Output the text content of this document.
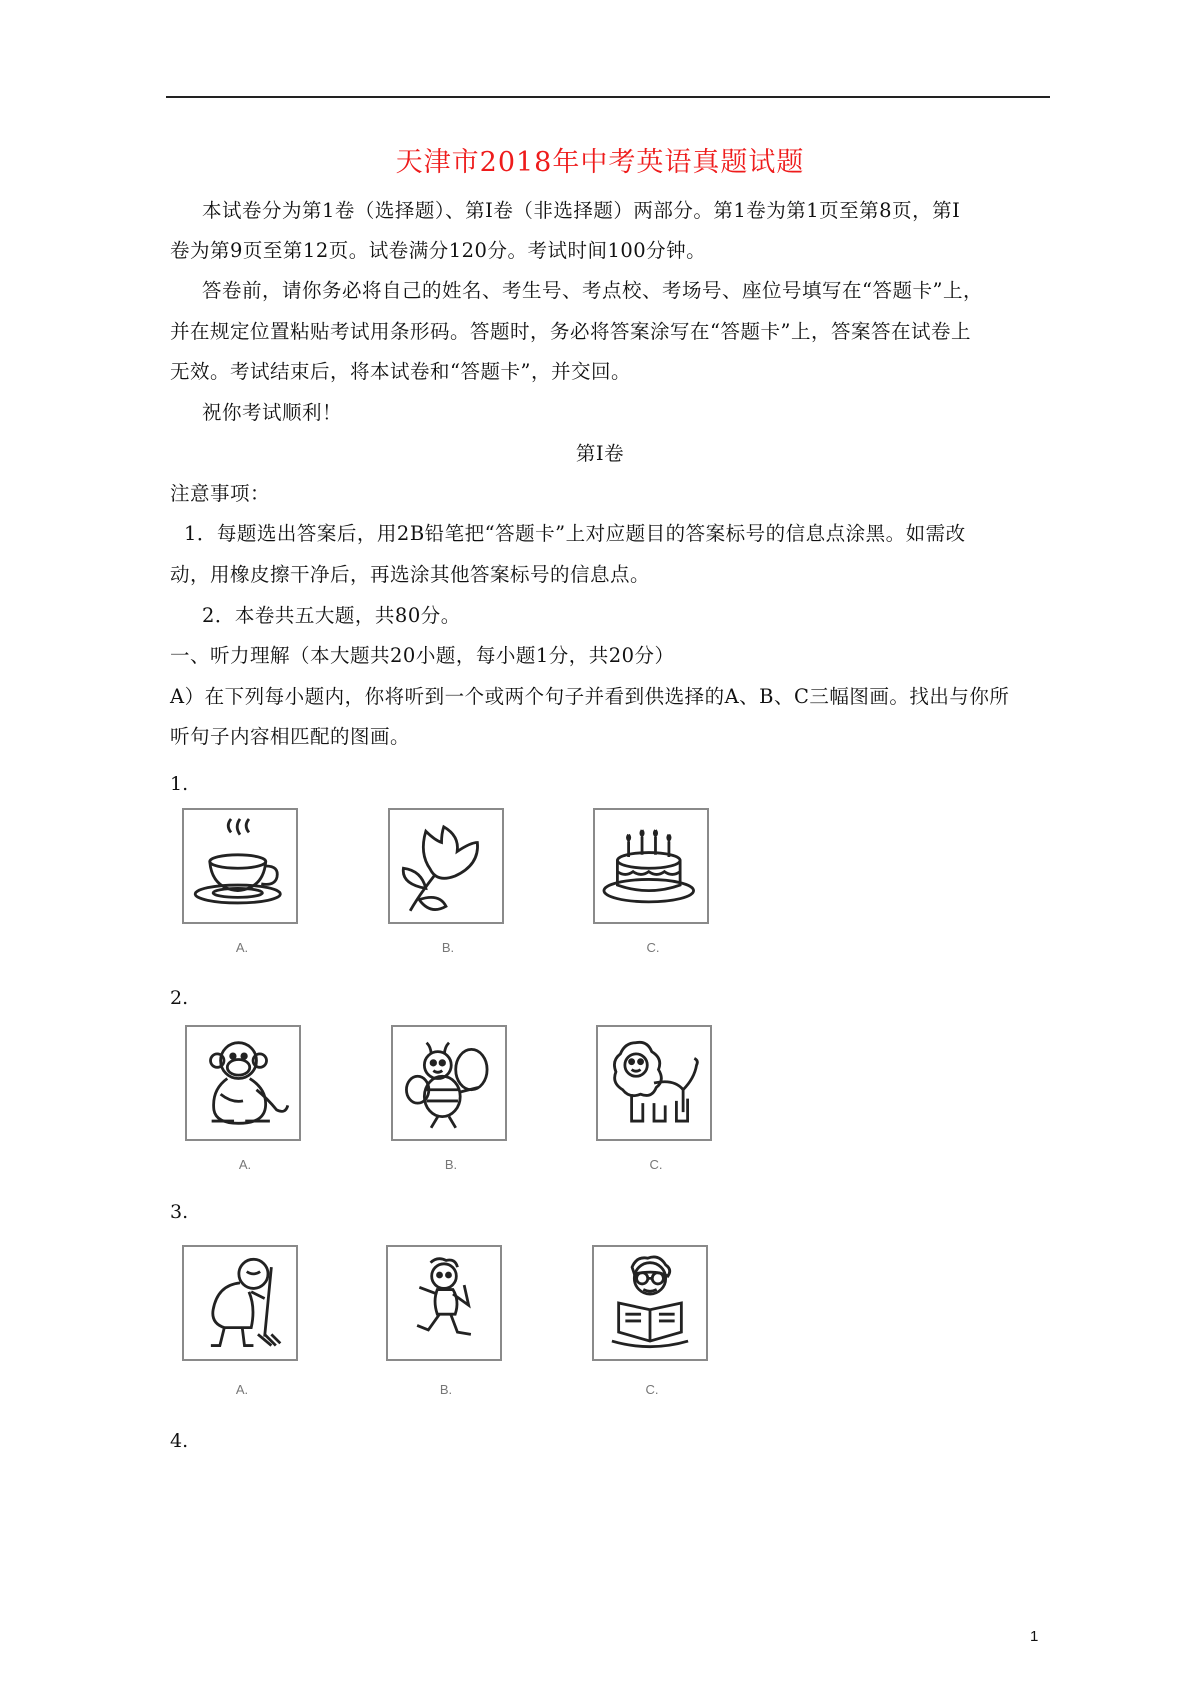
天津市2018年中考英语真题试题
本试卷分为第1卷（选择题）、第Ⅰ卷（非选择题）两部分。第1卷为第1页至第8页，第Ⅰ
卷为第9页至第12页。试卷满分120分。考试时间100分钟。
答卷前，请你务必将自己的姓名、考生号、考点校、考场号、座位号填写在“答题卡”上，
并在规定位置粘贴考试用条形码。答题时，务必将答案涂写在“答题卡”上，答案答在试卷上
无效。考试结束后，将本试卷和“答题卡”，并交回。
祝你考试顺利！
第Ⅰ卷
注意事项：
1．每题选出答案后，用2B铅笔把“答题卡”上对应题目的答案标号的信息点涂黑。如需改
动，用橡皮擦干净后，再选涂其他答案标号的信息点。
2．本卷共五大题，共80分。
一、听力理解（本大题共20小题，每小题1分，共20分）
A）在下列每小题内，你将听到一个或两个句子并看到供选择的A、B、C三幅图画。找出与你所
听句子内容相匹配的图画。
1.
A.	B.	C.
2.
A.	B.	C.
3.
A.	B.	C.
4.
1
